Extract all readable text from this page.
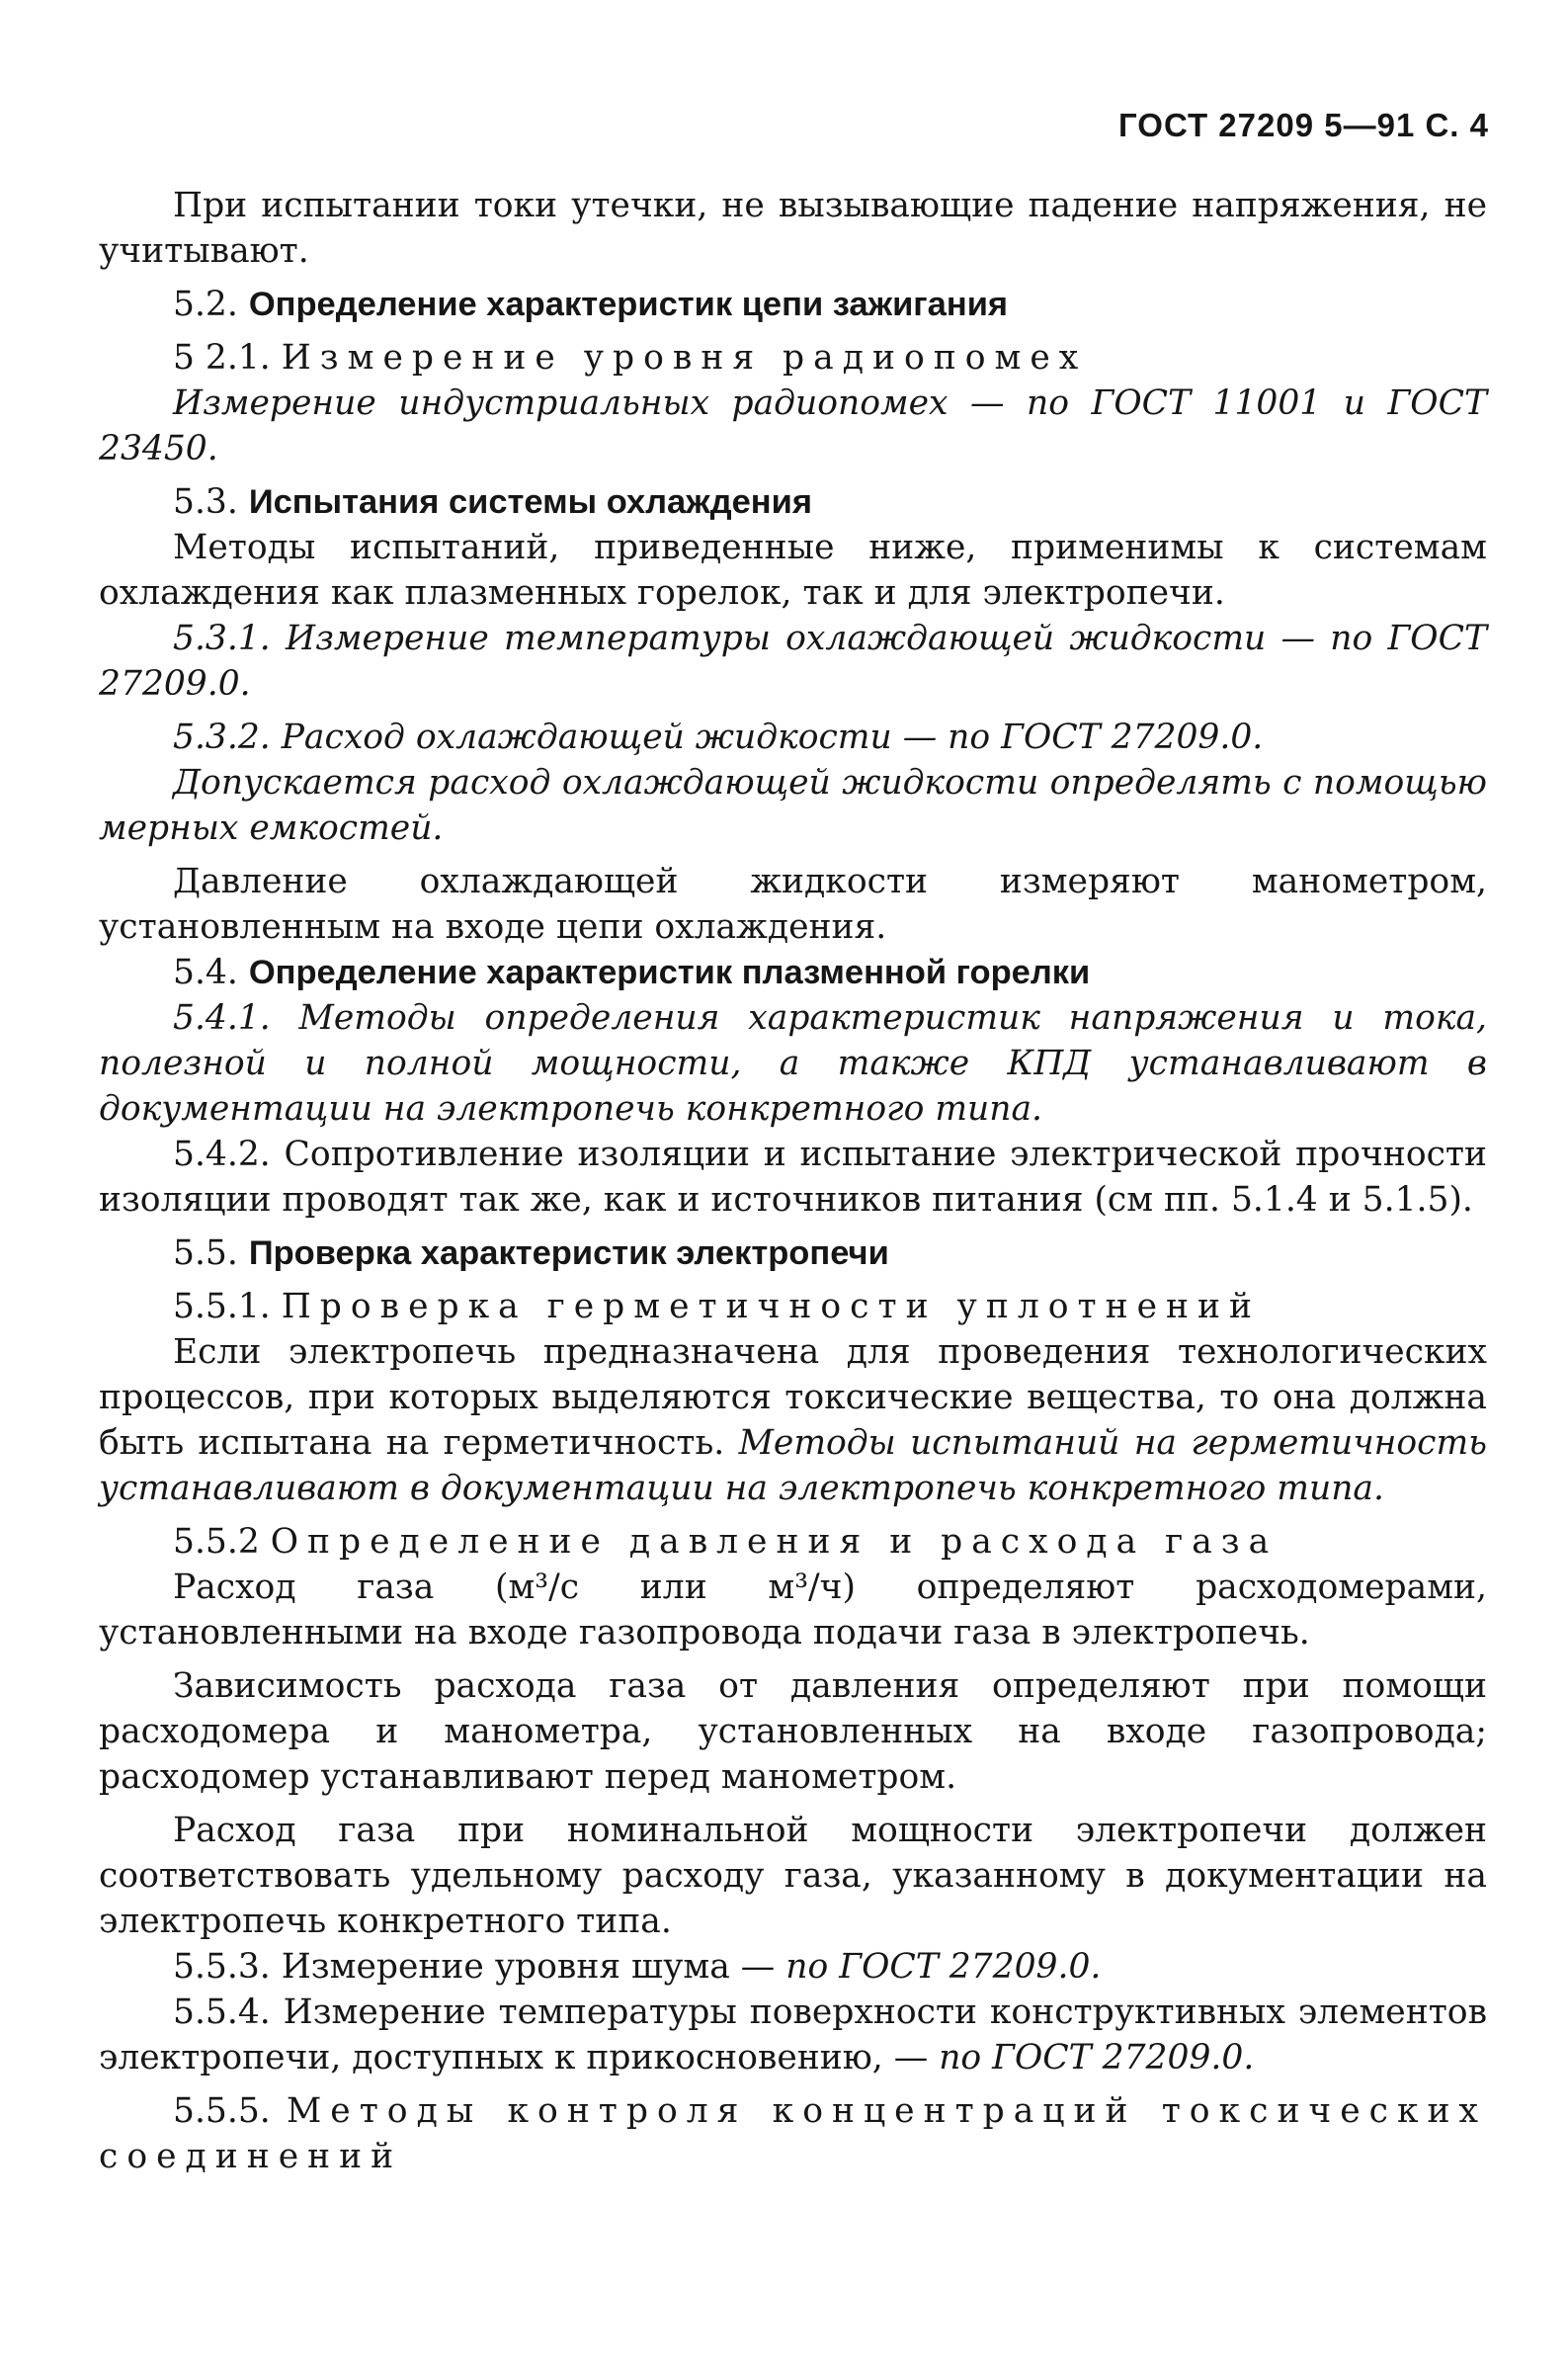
ГОСТ 27209 5—91 С. 4

При испытании токи утечки, не вызывающие падение напряжения, не учитывают.

5.2. Определение характеристик цепи зажигания

5 2.1. Измерение уровня радиопомех

Измерение индустриальных радиопомех — по ГОСТ 11001 и ГОСТ 23450.

5.3. Испытания системы охлаждения

Методы испытаний, приведенные ниже, применимы к системам охлаждения как плазменных горелок, так и для электропечи.

5.3.1. Измерение температуры охлаждающей жидкости — по ГОСТ 27209.0.

5.3.2. Расход охлаждающей жидкости — по ГОСТ 27209.0.

Допускается расход охлаждающей жидкости определять с помощью мерных емкостей.

Давление охлаждающей жидкости измеряют манометром, установленным на входе цепи охлаждения.

5.4. Определение характеристик плазменной горелки

5.4.1. Методы определения характеристик напряжения и тока, полезной и полной мощности, а также КПД устанавливают в документации на электропечь конкретного типа.

5.4.2. Сопротивление изоляции и испытание электрической прочности изоляции проводят так же, как и источников питания (см пп. 5.1.4 и 5.1.5).

5.5. Проверка характеристик электропечи

5.5.1. Проверка герметичности уплотнений

Если электропечь предназначена для проведения технологических процессов, при которых выделяются токсические вещества, то она должна быть испытана на герметичность. Методы испытаний на герметичность устанавливают в документации на электропечь конкретного типа.

5.5.2 Определение давления и расхода газа

Расход газа (м³/с или м³/ч) определяют расходомерами, установленными на входе газопровода подачи газа в электропечь.

Зависимость расхода газа от давления определяют при помощи расходомера и манометра, установленных на входе газопровода; расходомер устанавливают перед манометром.

Расход газа при номинальной мощности электропечи должен соответствовать удельному расходу газа, указанному в документации на электропечь конкретного типа.

5.5.3. Измерение уровня шума — по ГОСТ 27209.0.

5.5.4. Измерение температуры поверхности конструктивных элементов электропечи, доступных к прикосновению, — по ГОСТ 27209.0.

5.5.5. Методы контроля концентраций токсических соединений
